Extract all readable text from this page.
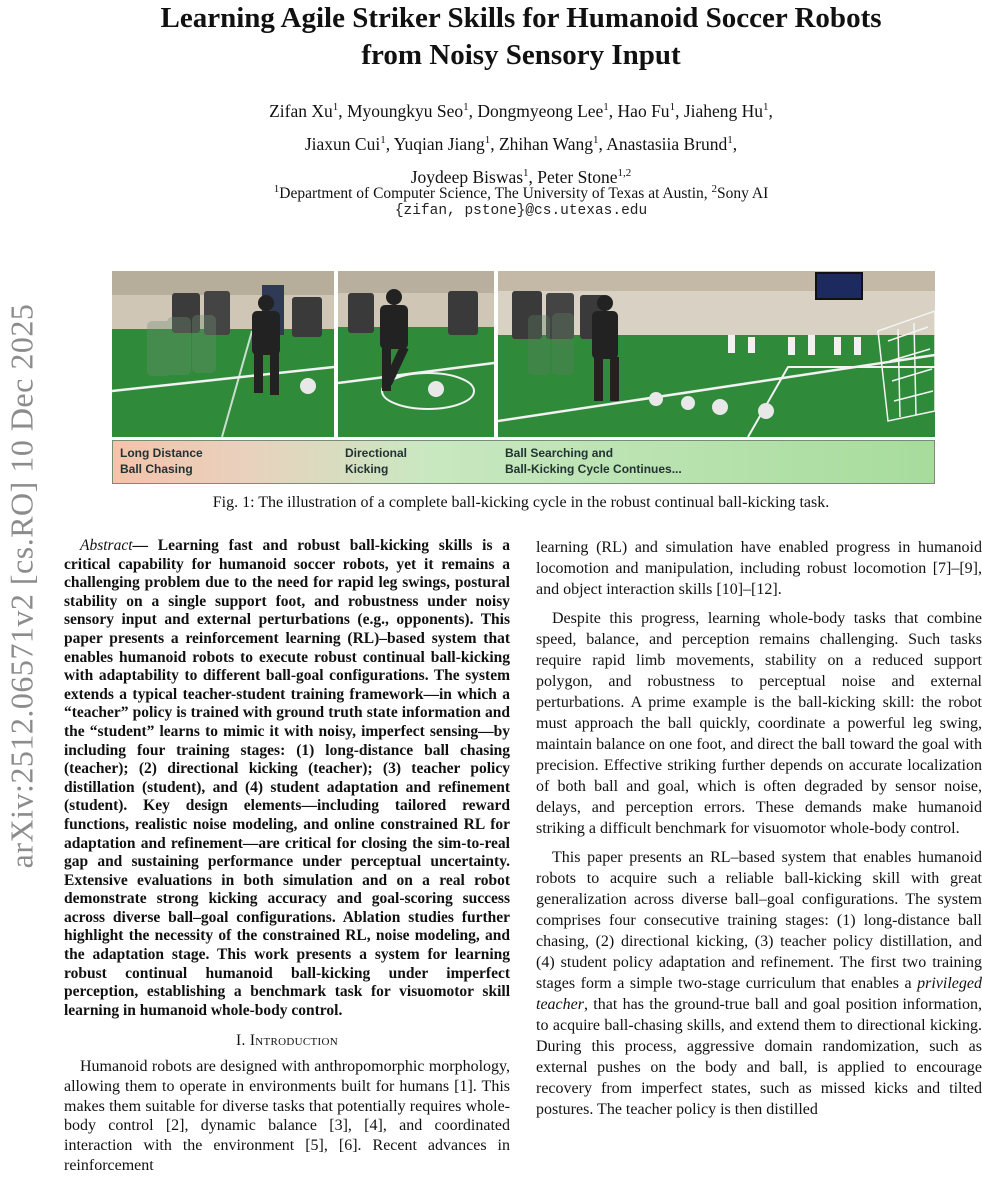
arXiv:2512.06571v2 [cs.RO] 10 Dec 2025
Learning Agile Striker Skills for Humanoid Soccer Robots
from Noisy Sensory Input
Zifan Xu$^1$, Myoungkyu Seo$^1$, Dongmyeong Lee$^1$, Hao Fu$^1$, Jiaheng Hu$^1$,
Jiaxun Cui$^1$, Yuqian Jiang$^1$, Zhihan Wang$^1$, Anastasiia Brund$^1$,
Joydeep Biswas$^1$, Peter Stone$^{1,2}$
$^1$Department of Computer Science, The University of Texas at Austin, $^2$Sony AI
{zifan, pstone}@cs.utexas.edu
Long Distance
Ball Chasing
Directional
Kicking
Ball Searching and
Ball-Kicking Cycle Continues...
Fig. 1: The illustration of a complete ball-kicking cycle in the robust continual ball-kicking task.

Abstract— Learning fast and robust ball-kicking skills is a critical capability for humanoid soccer robots, yet it remains a challenging problem due to the need for rapid leg swings, postural stability on a single support foot, and robustness under noisy sensory input and external perturbations (e.g., opponents). This paper presents a reinforcement learning (RL)–based system that enables humanoid robots to execute robust continual ball-kicking with adaptability to different ball-goal configurations. The system extends a typical teacher-student training framework—in which a “teacher” policy is trained with ground truth state information and the “student” learns to mimic it with noisy, imperfect sensing—by including four training stages: (1) long-distance ball chasing (teacher); (2) directional kicking (teacher); (3) teacher policy distillation (student), and (4) student adaptation and refinement (student). Key design elements—including tailored reward functions, realistic noise modeling, and online constrained RL for adaptation and refinement—are critical for closing the sim-to-real gap and sustaining performance under perceptual uncertainty. Extensive evaluations in both simulation and on a real robot demonstrate strong kicking accuracy and goal-scoring success across diverse ball–goal configurations. Ablation studies further highlight the necessity of the constrained RL, noise modeling, and the adaptation stage. This work presents a system for learning robust continual humanoid ball-kicking under imperfect perception, establishing a benchmark task for visuomotor skill learning in humanoid whole-body control.

I. Introduction

Humanoid robots are designed with anthropomorphic morphology, allowing them to operate in environments built for humans [1]. This makes them suitable for diverse tasks that potentially requires whole-body control [2], dynamic balance [3], [4], and coordinated interaction with the environment [5], [6]. Recent advances in reinforcement

learning (RL) and simulation have enabled progress in humanoid locomotion and manipulation, including robust locomotion [7]–[9], and object interaction skills [10]–[12].

Despite this progress, learning whole-body tasks that combine speed, balance, and perception remains challenging. Such tasks require rapid limb movements, stability on a reduced support polygon, and robustness to perceptual noise and external perturbations. A prime example is the ball-kicking skill: the robot must approach the ball quickly, coordinate a powerful leg swing, maintain balance on one foot, and direct the ball toward the goal with precision. Effective striking further depends on accurate localization of both ball and goal, which is often degraded by sensor noise, delays, and perception errors. These demands make humanoid striking a difficult benchmark for visuomotor whole-body control.

This paper presents an RL–based system that enables humanoid robots to acquire such a reliable ball-kicking skill with great generalization across diverse ball–goal configurations. The system comprises four consecutive training stages: (1) long-distance ball chasing, (2) directional kicking, (3) teacher policy distillation, and (4) student policy adaptation and refinement. The first two training stages form a simple two-stage curriculum that enables a privileged teacher, that has the ground-true ball and goal position information, to acquire ball-chasing skills, and extend them to directional kicking. During this process, aggressive domain randomization, such as external pushes on the body and ball, is applied to encourage recovery from imperfect states, such as missed kicks and tilted postures. The teacher policy is then distilled
